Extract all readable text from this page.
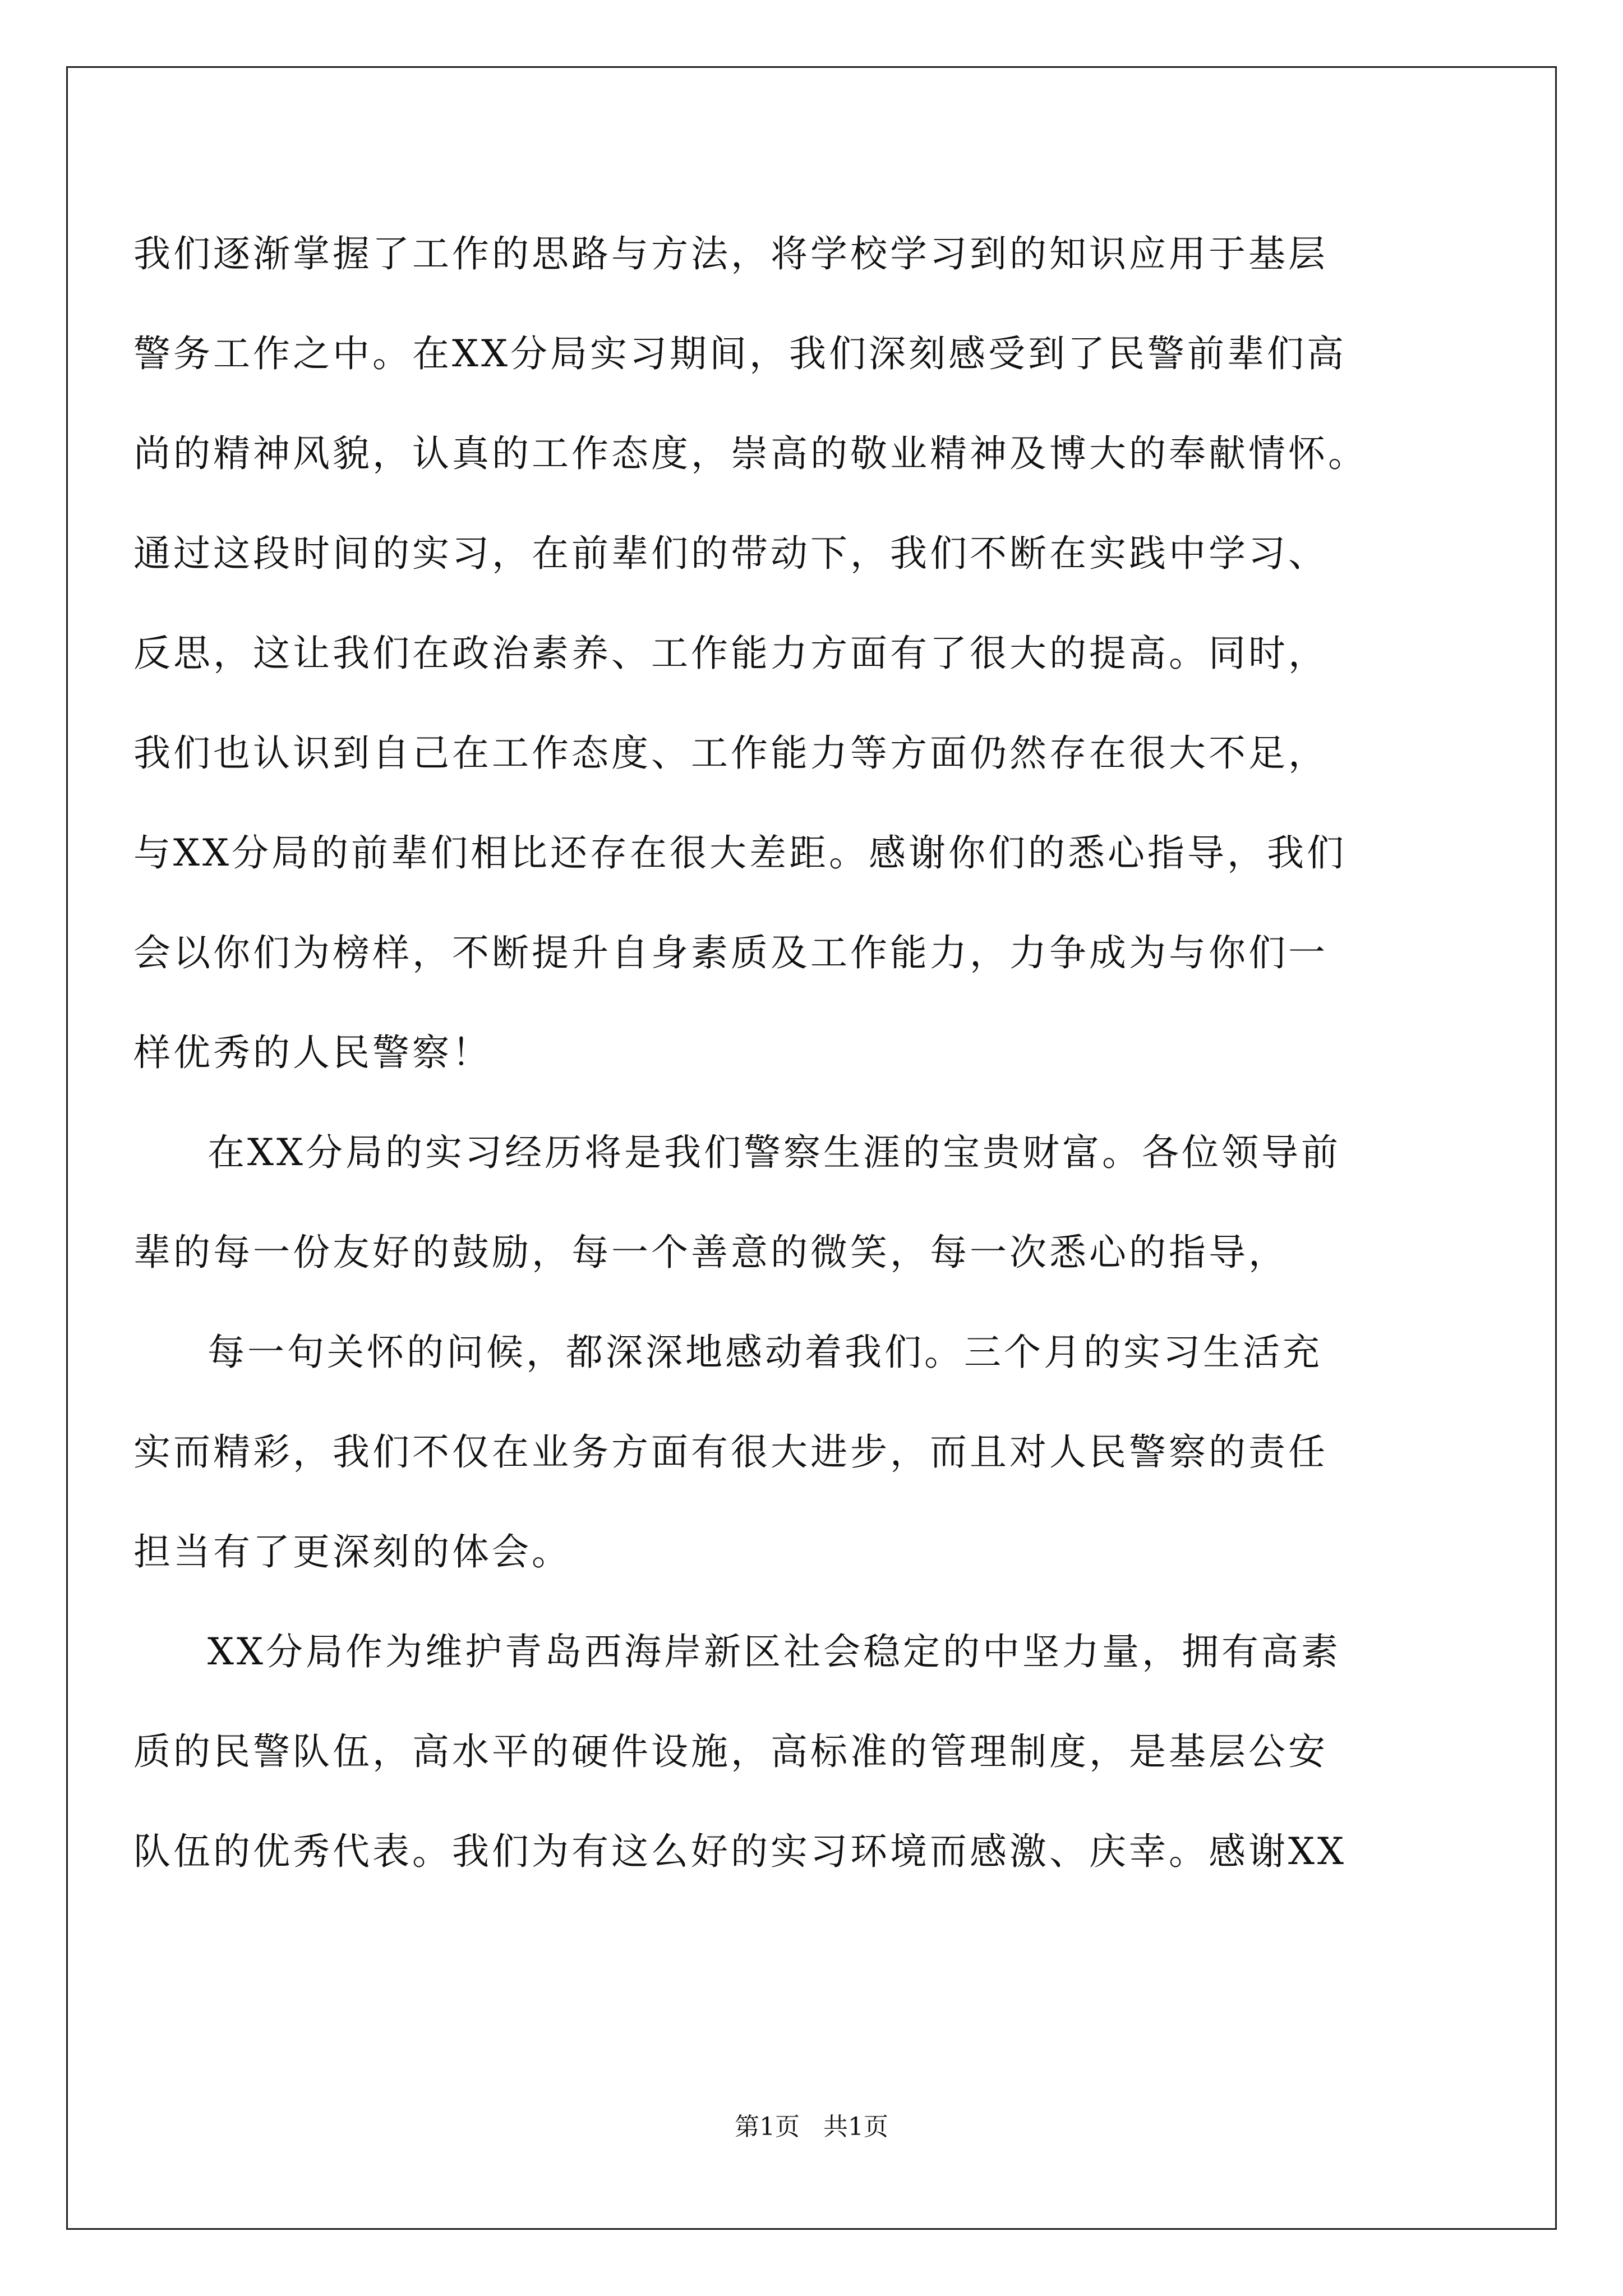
我们逐渐掌握了工作的思路与方法，将学校学习到的知识应用于基层
警务工作之中。在XX分局实习期间，我们深刻感受到了民警前辈们高
尚的精神风貌，认真的工作态度，崇高的敬业精神及博大的奉献情怀。
通过这段时间的实习，在前辈们的带动下，我们不断在实践中学习、
反思，这让我们在政治素养、工作能力方面有了很大的提高。同时，
我们也认识到自己在工作态度、工作能力等方面仍然存在很大不足，
与XX分局的前辈们相比还存在很大差距。感谢你们的悉心指导，我们
会以你们为榜样，不断提升自身素质及工作能力，力争成为与你们一
样优秀的人民警察！
在XX分局的实习经历将是我们警察生涯的宝贵财富。各位领导前
辈的每一份友好的鼓励，每一个善意的微笑，每一次悉心的指导，
每一句关怀的问候，都深深地感动着我们。三个月的实习生活充
实而精彩，我们不仅在业务方面有很大进步，而且对人民警察的责任
担当有了更深刻的体会。
XX分局作为维护青岛西海岸新区社会稳定的中坚力量，拥有高素
质的民警队伍，高水平的硬件设施，高标准的管理制度，是基层公安
队伍的优秀代表。我们为有这么好的实习环境而感激、庆幸。感谢XX
第1页   共1页
